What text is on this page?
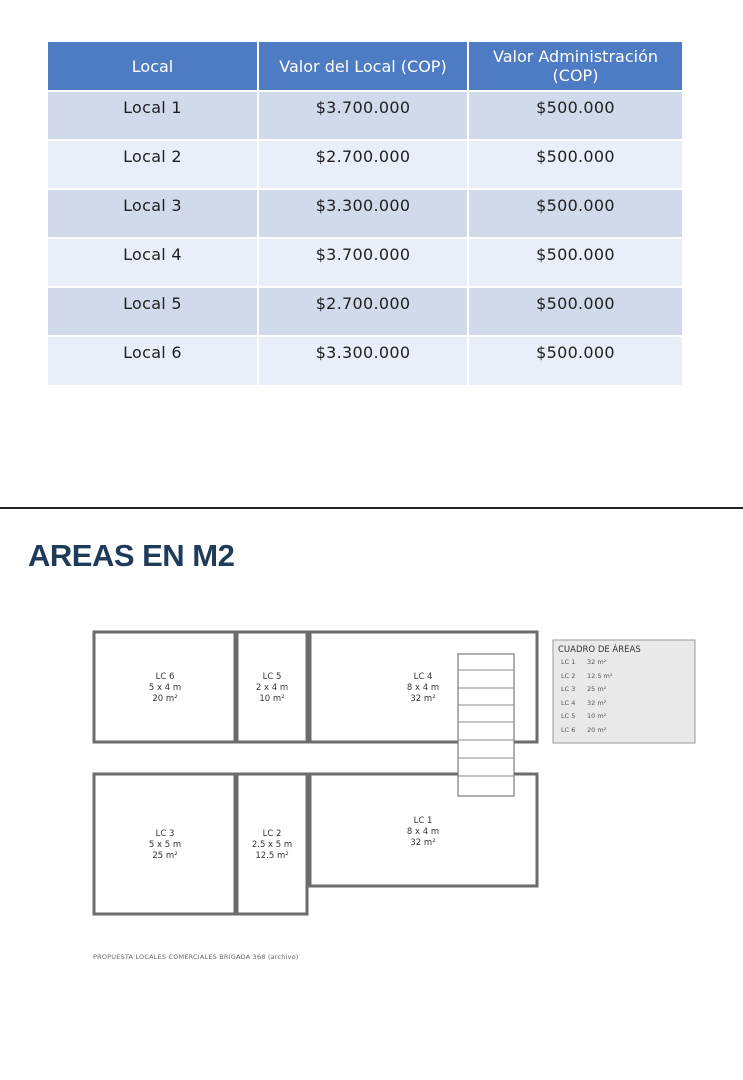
Local	Valor del Local (COP)	Valor Administración (COP)
Local 1	$3.700.000	$500.000
Local 2	$2.700.000	$500.000
Local 3	$3.300.000	$500.000
Local 4	$3.700.000	$500.000
Local 5	$2.700.000	$500.000
Local 6	$3.300.000	$500.000
AREAS EN M2
LC 6
5 x 4 m
20 m²
LC 5
2 x 4 m
10 m²
LC 4
8 x 4 m
32 m²
LC 3
5 x 5 m
25 m²
LC 2
2.5 x 5 m
12.5 m²
LC 1
8 x 4 m
32 m²
CUADRO DE ÁREAS
LC 1 32 m²
LC 2 12.5 m²
LC 3 25 m²
LC 4 32 m²
LC 5 10 m²
LC 6 20 m²
PROPUESTA LOCALES COMERCIALES BRIGADA 368 (archivo)
